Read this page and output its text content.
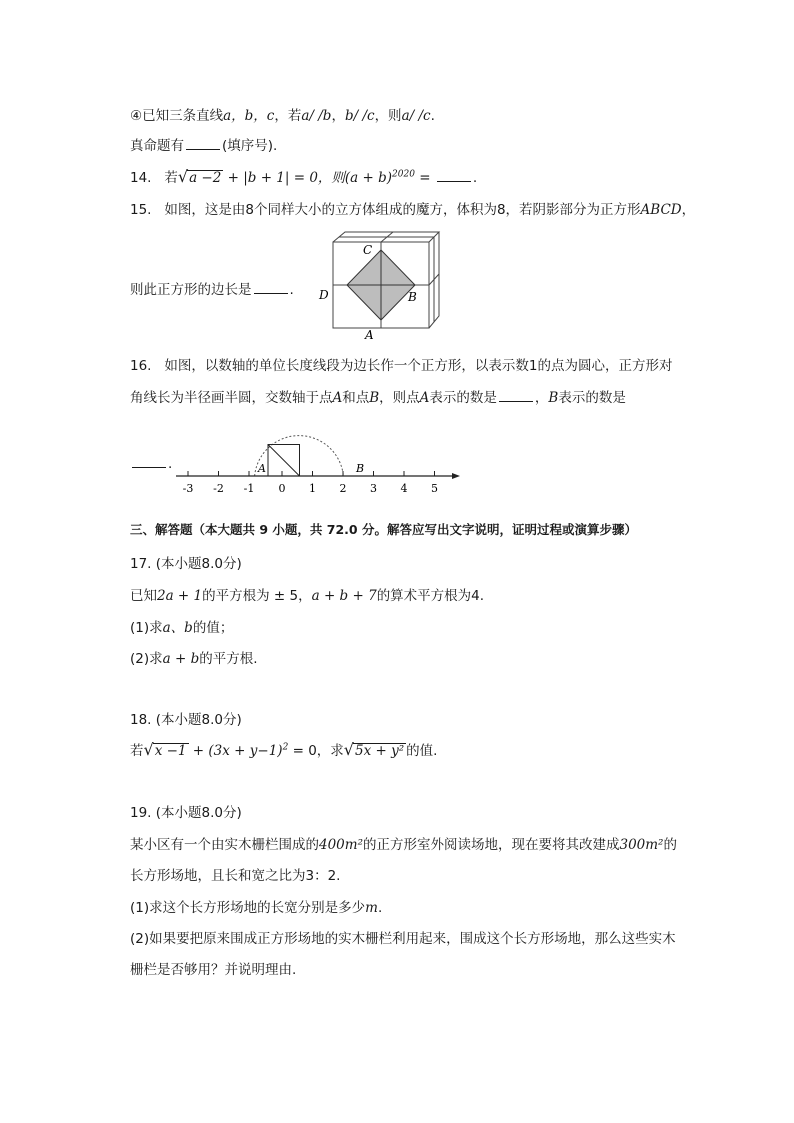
④已知三条直线a，b，c，若a/ /b，b/ /c，则a/ /c.
真命题有	(填序号).
14. 若√a −2 + |b + 1| = 0，则$(a + b)^{2020}$ =	.
15. 如图，这是由8个同样大小的立方体组成的魔方，体积为8，若阴影部分为正方形ABCD，
则此正方形的边长是	.
C
D	B
A
16. 如图，以数轴的单位长度线段为边长作一个正方形，以表示数1的点为圆心，正方形对
角线长为半径画半圆，交数轴于点A和点B，则点A表示的数是	，B表示的数是
.
-3 -2 -1 0 1 2 3 4 5
A	B
三、解答题（本大题共 9 小题，共 72.0 分。解答应写出文字说明，证明过程或演算步骤）
17. (本小题8.0分)
已知2a + 1的平方根为 ± 5，a + b + 7的算术平方根为4.
(1)求a、b的值；
(2)求a + b的平方根.
18. (本小题8.0分)
若$√x -1 + (3x + y-1)^2 = 0$，求√5x + y² 的值.
19. (本小题8.0分)
某小区有一个由实木栅栏围成的400m²的正方形室外阅读场地，现在要将其改建成300m²的
长方形场地，且长和宽之比为3：2.
(1)求这个长方形场地的长宽分别是多少m.
(2)如果要把原来围成正方形场地的实木栅栏利用起来，围成这个长方形场地，那么这些实木
栅栏是否够用？并说明理由.
